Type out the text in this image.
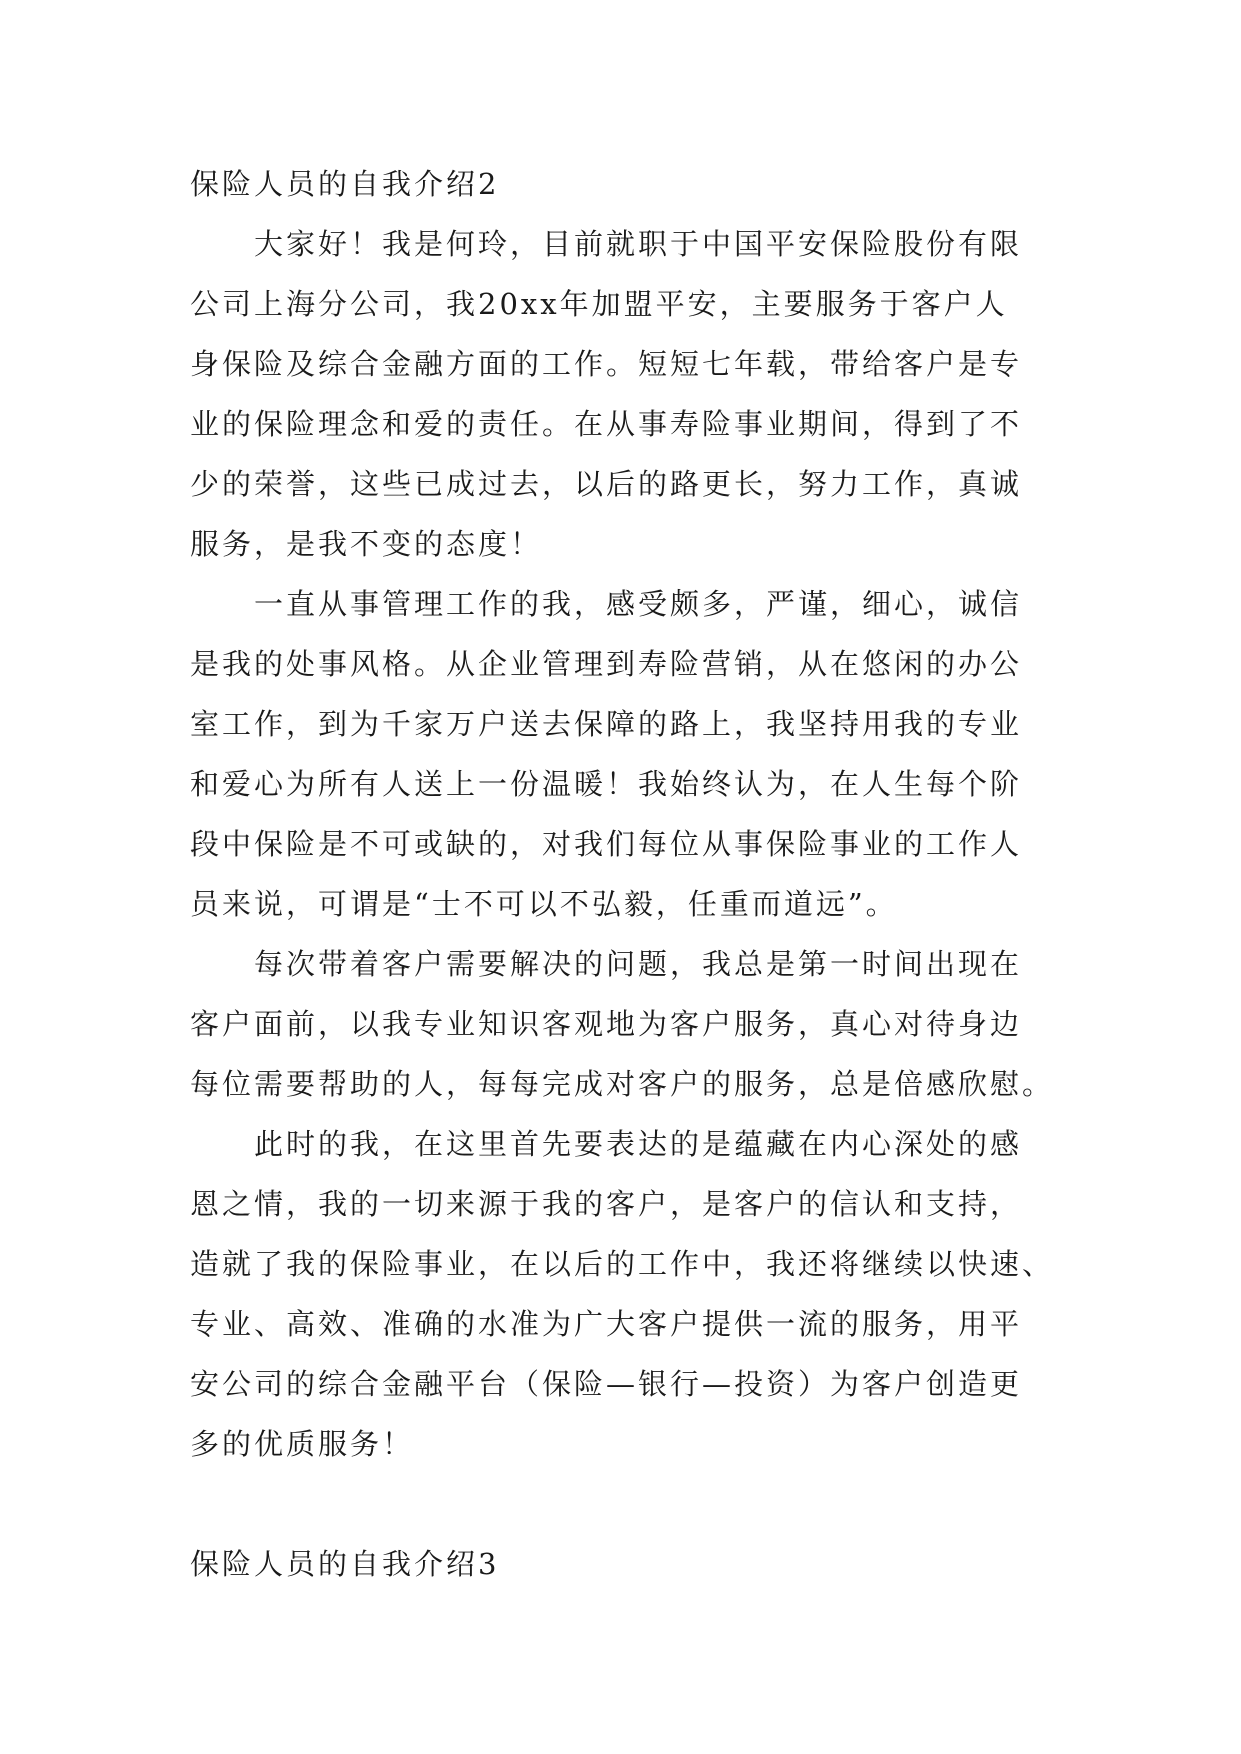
保险人员的自我介绍2
大家好！我是何玲，目前就职于中国平安保险股份有限
公司上海分公司，我20xx年加盟平安，主要服务于客户人
身保险及综合金融方面的工作。短短七年载，带给客户是专
业的保险理念和爱的责任。在从事寿险事业期间，得到了不
少的荣誉，这些已成过去，以后的路更长，努力工作，真诚
服务，是我不变的态度！
一直从事管理工作的我，感受颇多，严谨，细心，诚信
是我的处事风格。从企业管理到寿险营销，从在悠闲的办公
室工作，到为千家万户送去保障的路上，我坚持用我的专业
和爱心为所有人送上一份温暖！我始终认为，在人生每个阶
段中保险是不可或缺的，对我们每位从事保险事业的工作人
员来说，可谓是“士不可以不弘毅，任重而道远”。
每次带着客户需要解决的问题，我总是第一时间出现在
客户面前，以我专业知识客观地为客户服务，真心对待身边
每位需要帮助的人，每每完成对客户的服务，总是倍感欣慰。
此时的我，在这里首先要表达的是蕴藏在内心深处的感
恩之情，我的一切来源于我的客户，是客户的信认和支持，
造就了我的保险事业，在以后的工作中，我还将继续以快速、
专业、高效、准确的水准为广大客户提供一流的服务，用平
安公司的综合金融平台（保险—银行—投资）为客户创造更
多的优质服务！
保险人员的自我介绍3
